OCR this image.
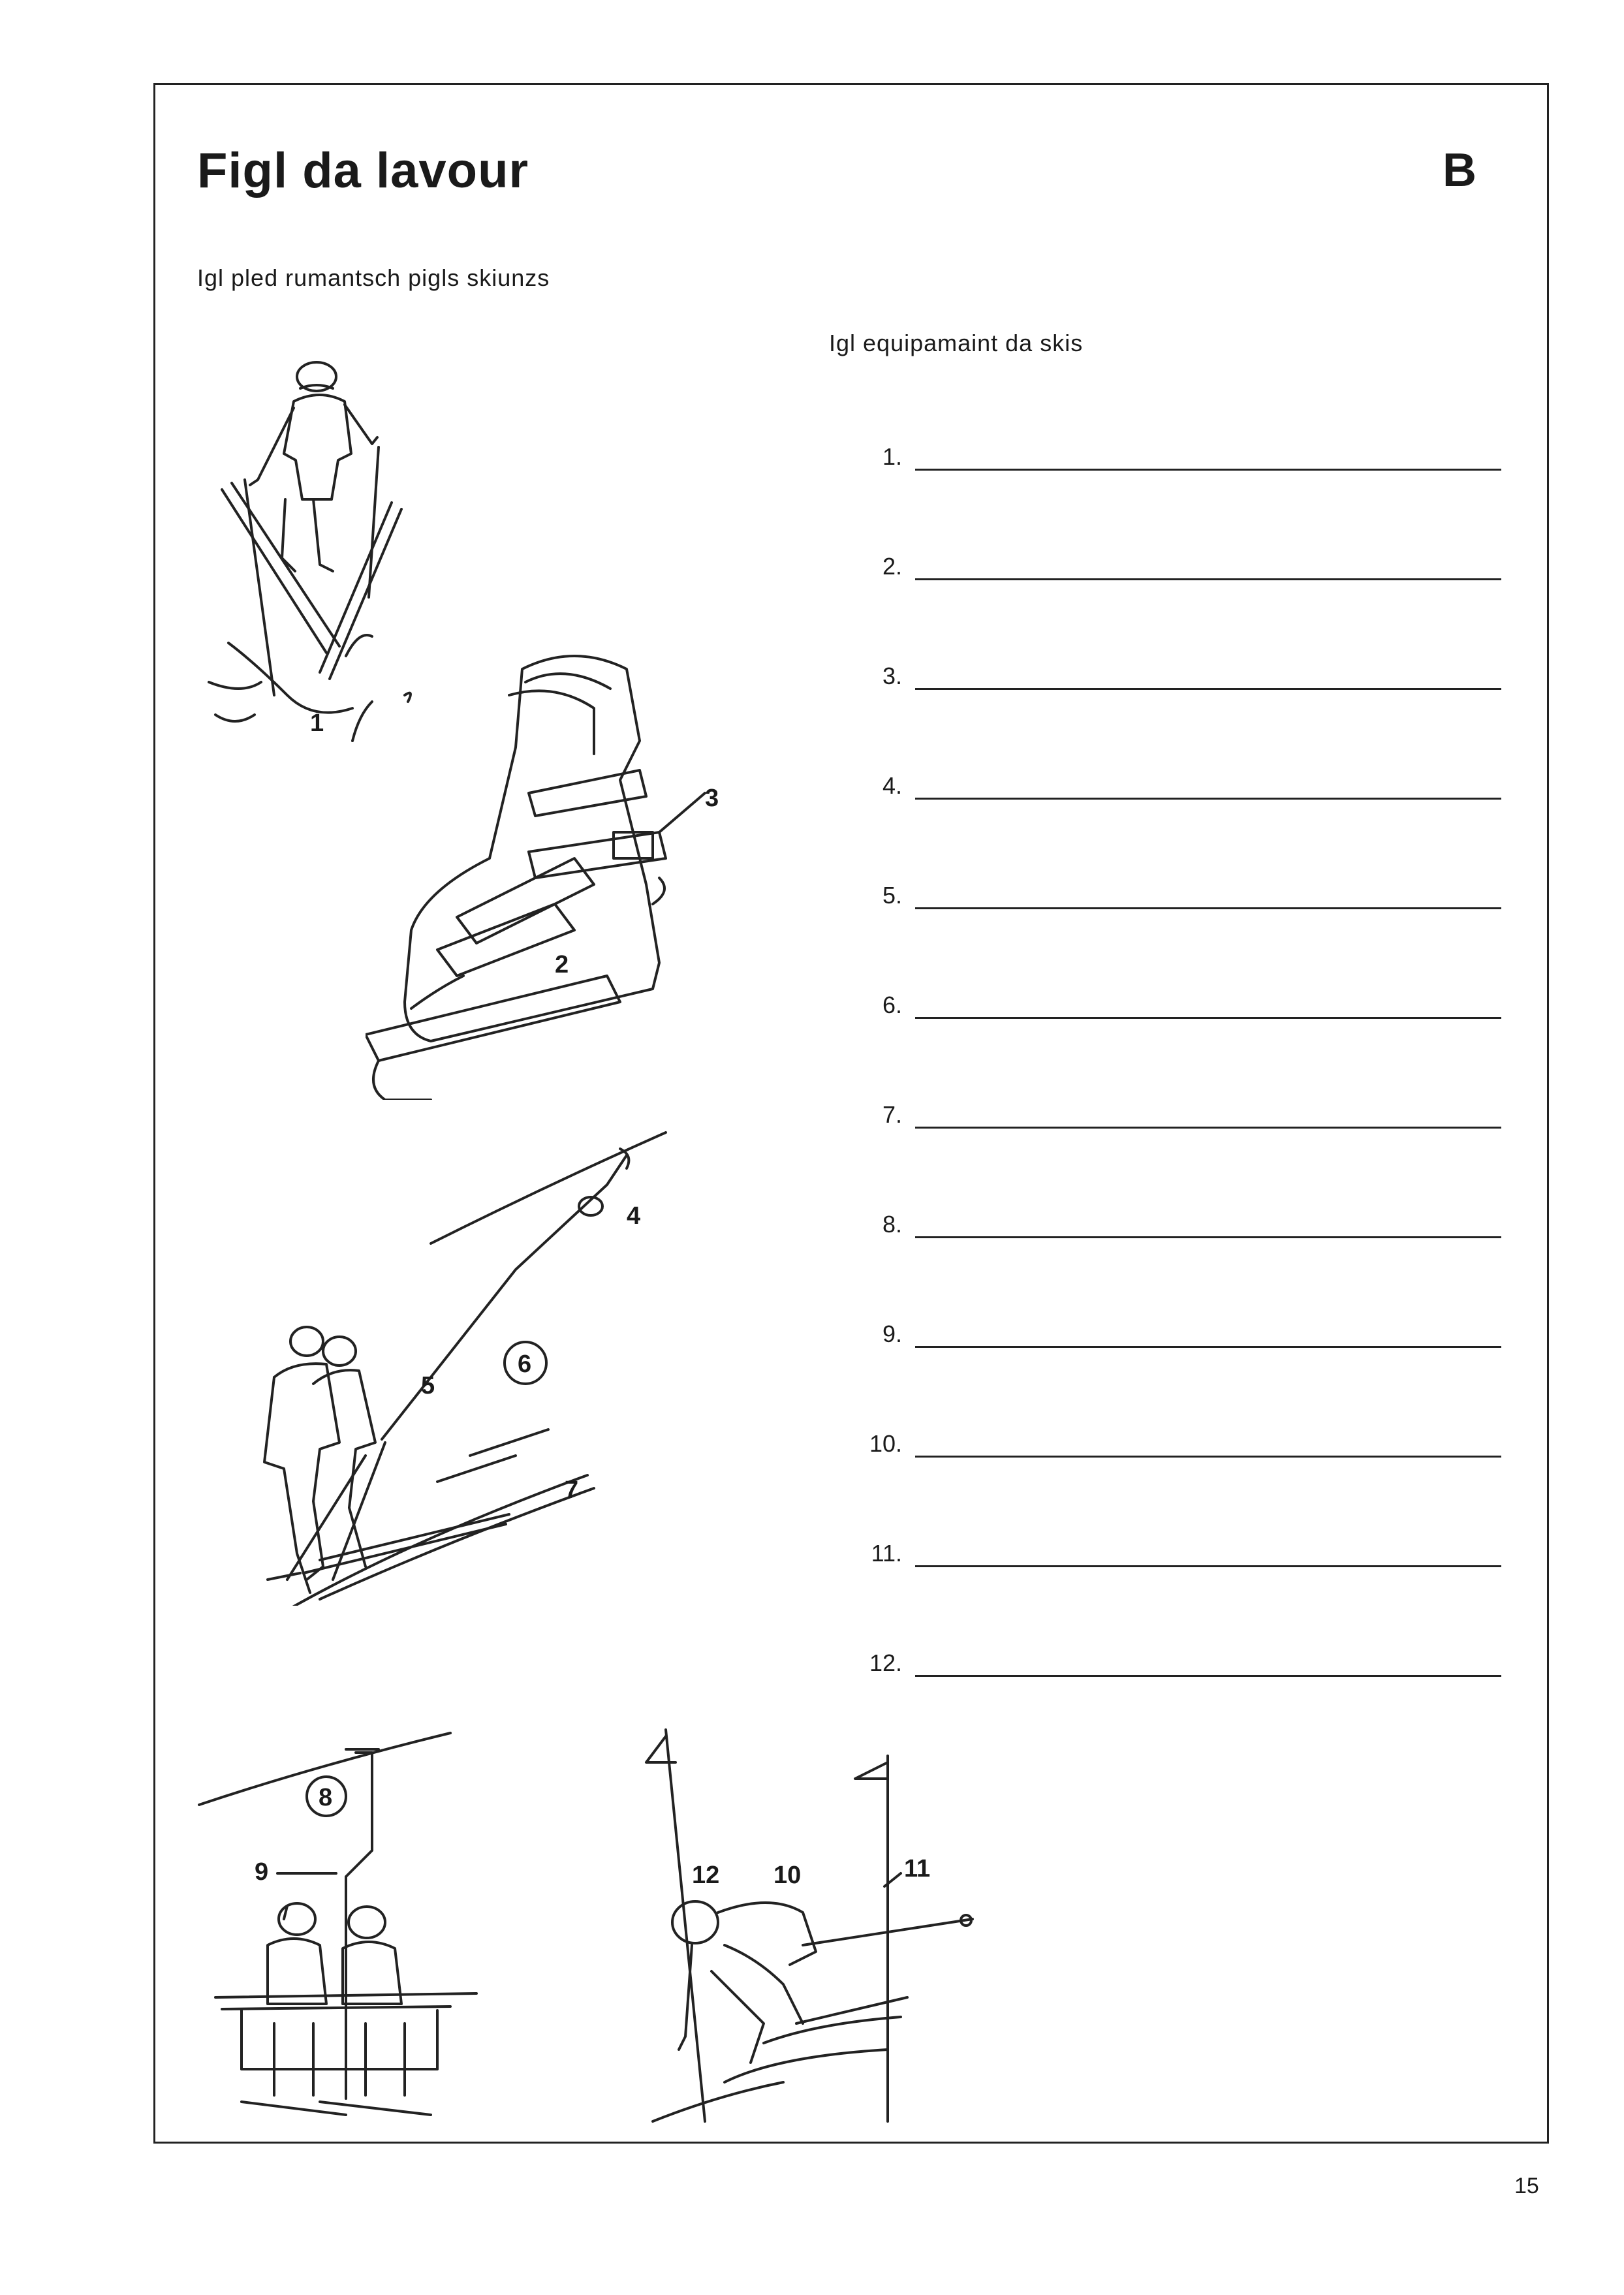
Figl da lavour	B
Igl pled rumantsch pigls skiunzs
Igl equipamaint da skis
1.
2.
3.
4.
5.
6.
7.
8.
9.
10.
11.
12.
1
3
2
6
4
5
7
8
9	12 10	11
15
